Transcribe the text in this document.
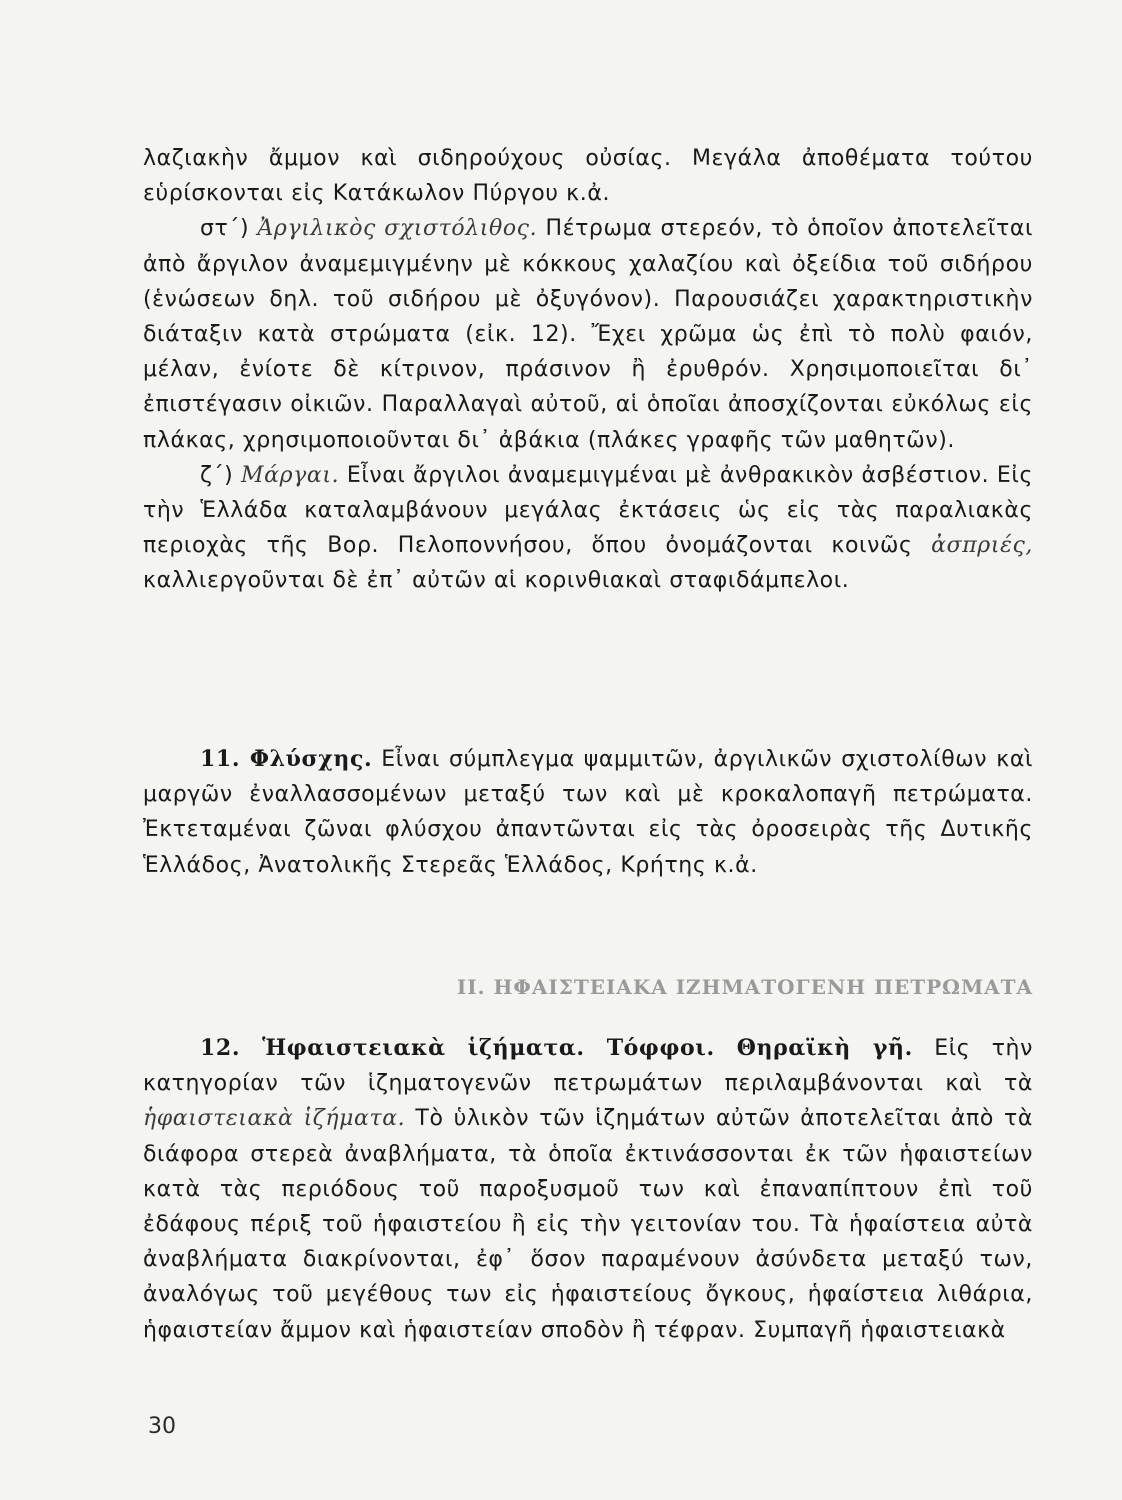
λαζιακὴν ἄμμον καὶ σιδηρούχους οὐσίας. Μεγάλα ἀποθέματα τούτου εὑρίσκονται εἰς Κατάκωλον Πύργου κ.ἀ.

στ΄) Ἀργιλικὸς σχιστόλιθος. Πέτρωμα στερεόν, τὸ ὁποῖον ἀποτελεῖται ἀπὸ ἄργιλον ἀναμεμιγμένην μὲ κόκκους χαλαζίου καὶ ὀξείδια τοῦ σιδήρου (ἑνώσεων δηλ. τοῦ σιδήρου μὲ ὀξυγόνον). Παρουσιάζει χαρακτηριστικὴν διάταξιν κατὰ στρώματα (εἰκ. 12). Ἔχει χρῶμα ὡς ἐπὶ τὸ πολὺ φαιόν, μέλαν, ἐνίοτε δὲ κίτρινον, πράσινον ἢ ἐρυθρόν. Χρησιμοποιεῖται δι᾿ ἐπιστέγασιν οἰκιῶν. Παραλλαγαὶ αὐτοῦ, αἱ ὁποῖαι ἀποσχίζονται εὐκόλως εἰς πλάκας, χρησιμοποιοῦνται δι᾿ ἀβάκια (πλάκες γραφῆς τῶν μαθητῶν).

ζ΄) Μάργαι. Εἶναι ἄργιλοι ἀναμεμιγμέναι μὲ ἀνθρακικὸν ἀσβέστιον. Εἰς τὴν Ἑλλάδα καταλαμβάνουν μεγάλας ἐκτάσεις ὡς εἰς τὰς παραλιακὰς περιοχὰς τῆς Βορ. Πελοποννήσου, ὅπου ὀνομάζονται κοινῶς ἀσπριές, καλλιεργοῦνται δὲ ἐπ᾿ αὐτῶν αἱ κορινθιακαὶ σταφιδάμπελοι.

11. Φλύσχης. Εἶναι σύμπλεγμα ψαμμιτῶν, ἀργιλικῶν σχιστολίθων καὶ μαργῶν ἐναλλασσομένων μεταξύ των καὶ μὲ κροκαλοπαγῆ πετρώματα. Ἐκτεταμέναι ζῶναι φλύσχου ἀπαντῶνται εἰς τὰς ὀροσειρὰς τῆς Δυτικῆς Ἑλλάδος, Ἀνατολικῆς Στερεᾶς Ἑλλάδος, Κρήτης κ.ἀ.

II. ΗΦΑΙΣΤΕΙΑΚΑ ΙΖΗΜΑΤΟΓΕΝΗ ΠΕΤΡΩΜΑΤΑ

12. Ἡφαιστειακὰ ἱζήματα. Τόφφοι. Θηραϊκὴ γῆ. Εἰς τὴν κατηγορίαν τῶν ἱζηματογενῶν πετρωμάτων περιλαμβάνονται καὶ τὰ ἡφαιστειακὰ ἱζήματα. Τὸ ὑλικὸν τῶν ἱζημάτων αὐτῶν ἀποτελεῖται ἀπὸ τὰ διάφορα στερεὰ ἀναβλήματα, τὰ ὁποῖα ἐκτινάσσονται ἐκ τῶν ἡφαιστείων κατὰ τὰς περιόδους τοῦ παροξυσμοῦ των καὶ ἐπαναπίπτουν ἐπὶ τοῦ ἐδάφους πέριξ τοῦ ἡφαιστείου ἢ εἰς τὴν γειτονίαν του. Τὰ ἡφαίστεια αὐτὰ ἀναβλήματα διακρίνονται, ἐφ᾿ ὅσον παραμένουν ἀσύνδετα μεταξύ των, ἀναλόγως τοῦ μεγέθους των εἰς ἡφαιστείους ὄγκους, ἡφαίστεια λιθάρια, ἡφαιστείαν ἄμμον καὶ ἡφαιστείαν σποδὸν ἢ τέφραν. Συμπαγῆ ἡφαιστειακὰ

30
